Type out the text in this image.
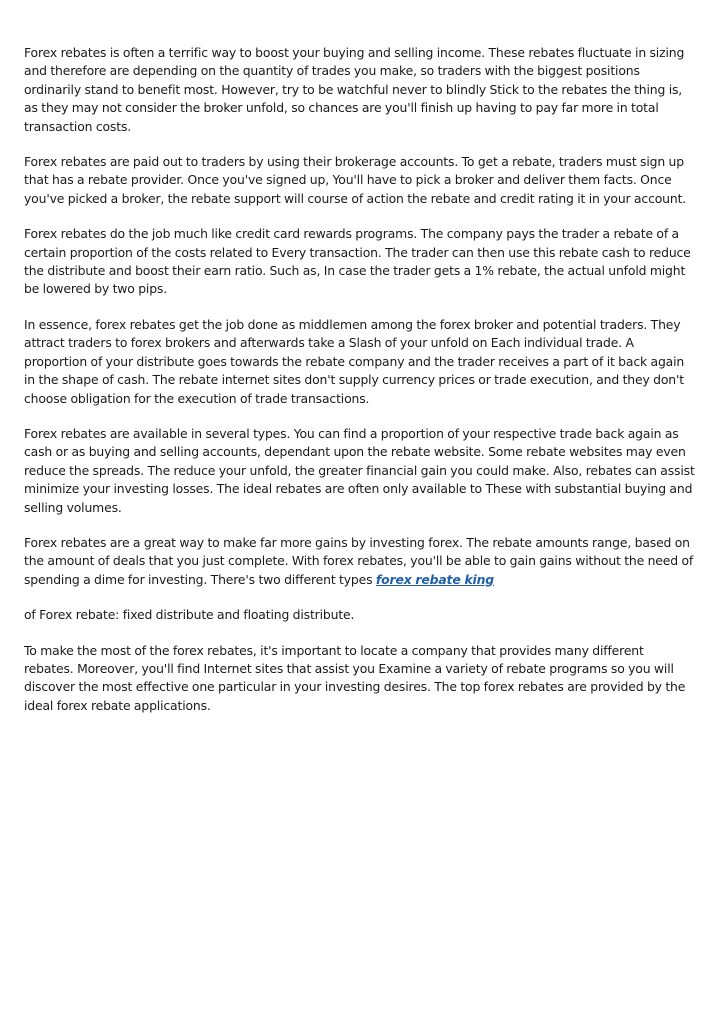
Forex rebates is often a terrific way to boost your buying and selling income. These rebates fluctuate in sizing and therefore are depending on the quantity of trades you make, so traders with the biggest positions ordinarily stand to benefit most. However, try to be watchful never to blindly Stick to the rebates the thing is, as they may not consider the broker unfold, so chances are you'll finish up having to pay far more in total transaction costs.

Forex rebates are paid out to traders by using their brokerage accounts. To get a rebate, traders must sign up that has a rebate provider. Once you've signed up, You'll have to pick a broker and deliver them facts. Once you've picked a broker, the rebate support will course of action the rebate and credit rating it in your account.

Forex rebates do the job much like credit card rewards programs. The company pays the trader a rebate of a certain proportion of the costs related to Every transaction. The trader can then use this rebate cash to reduce the distribute and boost their earn ratio. Such as, In case the trader gets a 1% rebate, the actual unfold might be lowered by two pips.

In essence, forex rebates get the job done as middlemen among the forex broker and potential traders. They attract traders to forex brokers and afterwards take a Slash of your unfold on Each individual trade. A proportion of your distribute goes towards the rebate company and the trader receives a part of it back again in the shape of cash. The rebate internet sites don't supply currency prices or trade execution, and they don't choose obligation for the execution of trade transactions.

Forex rebates are available in several types. You can find a proportion of your respective trade back again as cash or as buying and selling accounts, dependant upon the rebate website. Some rebate websites may even reduce the spreads. The reduce your unfold, the greater financial gain you could make. Also, rebates can assist minimize your investing losses. The ideal rebates are often only available to These with substantial buying and selling volumes.

Forex rebates are a great way to make far more gains by investing forex. The rebate amounts range, based on the amount of deals that you just complete. With forex rebates, you'll be able to gain gains without the need of spending a dime for investing. There's two different types forex rebate king

of Forex rebate: fixed distribute and floating distribute.

To make the most of the forex rebates, it's important to locate a company that provides many different rebates. Moreover, you'll find Internet sites that assist you Examine a variety of rebate programs so you will discover the most effective one particular in your investing desires. The top forex rebates are provided by the ideal forex rebate applications.
